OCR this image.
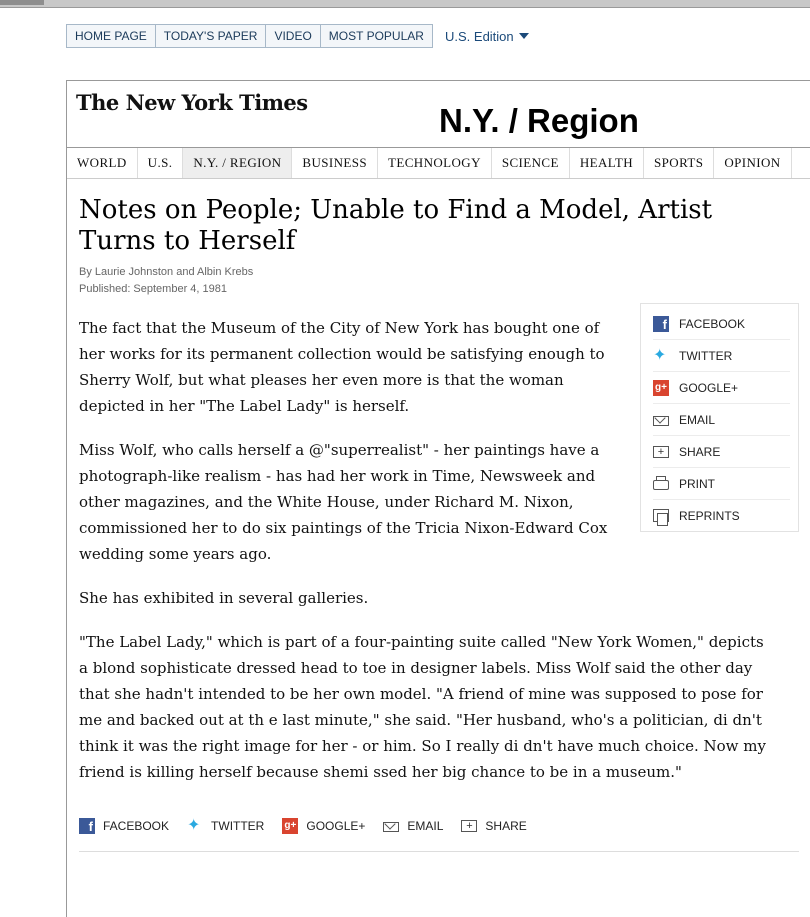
HOME PAGE	TODAY'S PAPER	VIDEO	MOST POPULAR	U.S. Edition
The New York Times	N.Y. / Region
WORLD	U.S.	N.Y. / REGION	BUSINESS	TECHNOLOGY	SCIENCE	HEALTH	SPORTS	OPINION
Notes on People; Unable to Find a Model, Artist Turns to Herself
By Laurie Johnston and Albin Krebs
Published: September 4, 1981
f FACEBOOK
✦ TWITTER
g+ GOOGLE+
EMAIL
+	SHARE
PRINT
REPRINTS

The fact that the Museum of the City of New York has bought one of
her works for its permanent collection would be satisfying enough to
Sherry Wolf, but what pleases her even more is that the woman
depicted in her "The Label Lady" is herself.

Miss Wolf, who calls herself a @"superrealist" - her paintings have a
photograph-like realism - has had her work in Time, Newsweek and
other magazines, and the White House, under Richard M. Nixon,
commissioned her to do six paintings of the Tricia Nixon-Edward Cox
wedding some years ago.

She has exhibited in several galleries.

"The Label Lady," which is part of a four-painting suite called "New York Women," depicts
a blond sophisticate dressed head to toe in designer labels. Miss Wolf said the other day
that she hadn't intended to be her own model. "A friend of mine was supposed to pose for
me and backed out at th e last minute," she said. "Her husband, who's a politician, di dn't
think it was the right image for her - or him. So I really di dn't have much choice. Now my
friend is killing herself because shemi ssed her big chance to be in a museum."

f FACEBOOK ✦ TWITTER g+ GOOGLE+	EMAIL	+	SHARE
